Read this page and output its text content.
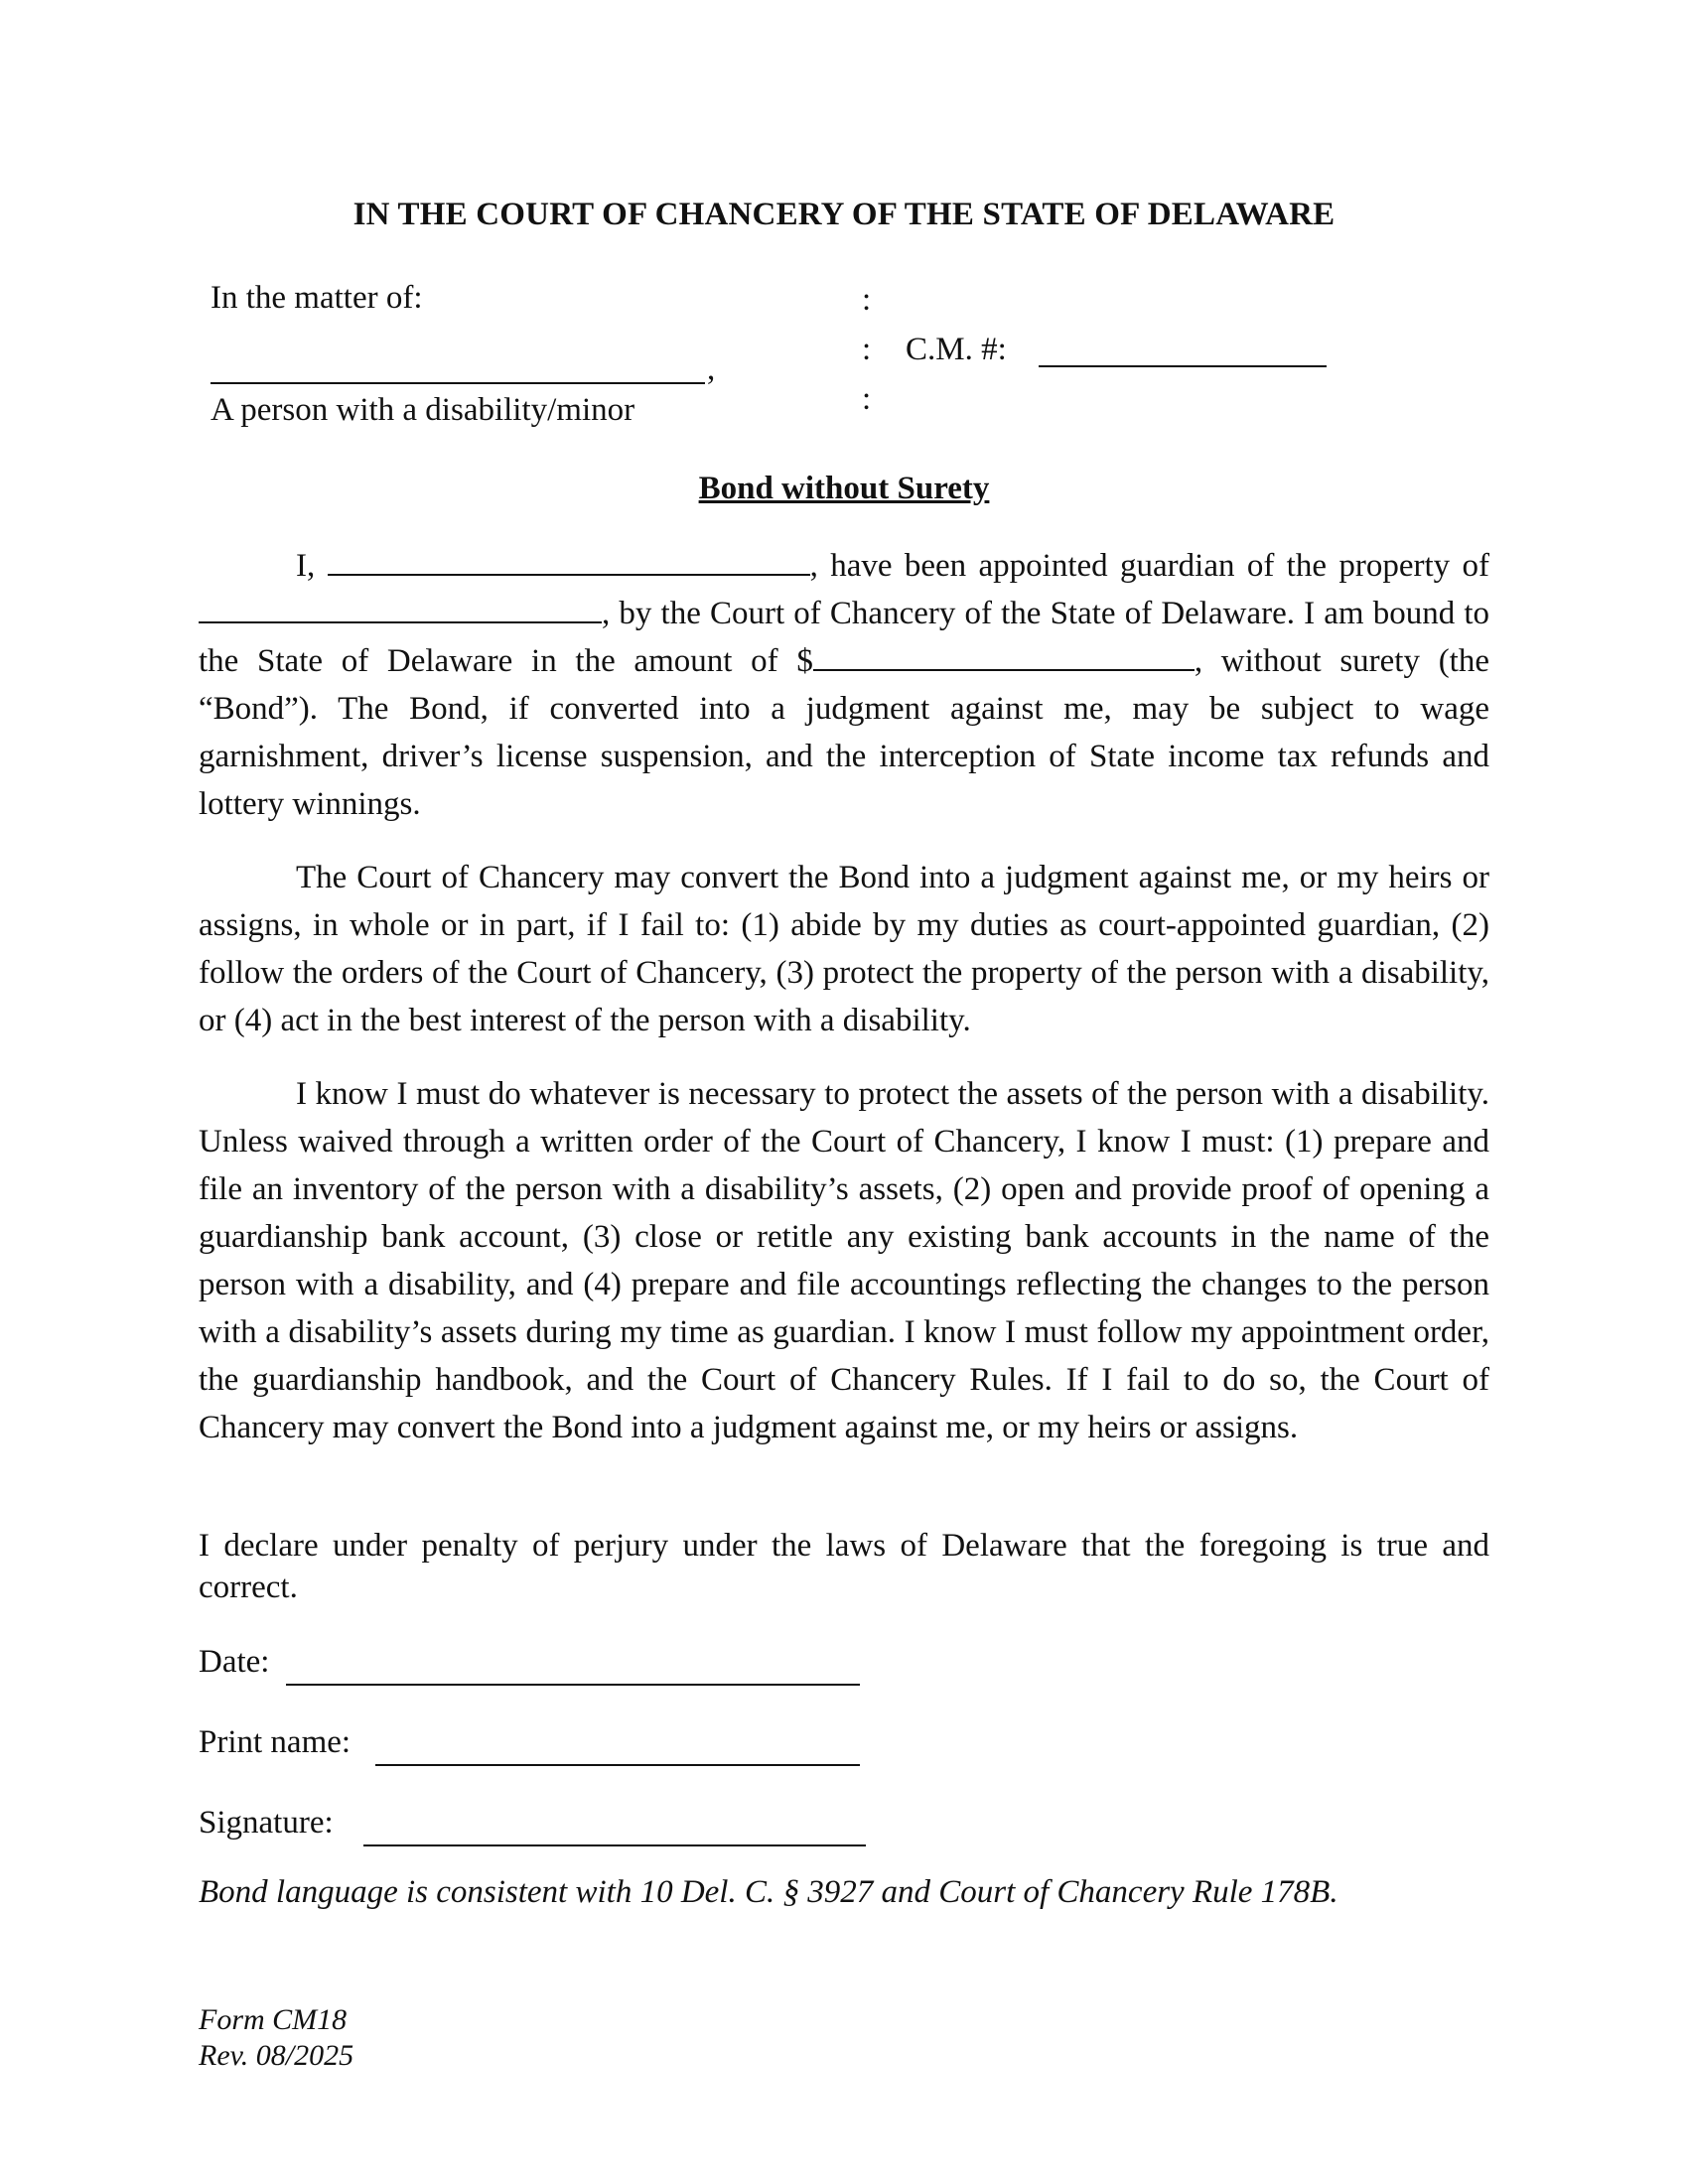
IN THE COURT OF CHANCERY OF THE STATE OF DELAWARE
In the matter of:
,
A person with a disability/minor
:
:
:
C.M. #:
Bond without Surety
I,	, have been appointed guardian of the property of , by the Court of Chancery of the State of Delaware. I am bound to the State of Delaware in the amount of $	, without surety (the “Bond”). The Bond, if converted into a judgment against me, may be subject to wage garnishment, driver’s license suspension, and the interception of State income tax refunds and lottery winnings.
The Court of Chancery may convert the Bond into a judgment against me, or my heirs or assigns, in whole or in part, if I fail to: (1) abide by my duties as court-appointed guardian, (2) follow the orders of the Court of Chancery, (3) protect the property of the person with a disability, or (4) act in the best interest of the person with a disability.
I know I must do whatever is necessary to protect the assets of the person with a disability. Unless waived through a written order of the Court of Chancery, I know I must: (1) prepare and file an inventory of the person with a disability’s assets, (2) open and provide proof of opening a guardianship bank account, (3) close or retitle any existing bank accounts in the name of the person with a disability, and (4) prepare and file accountings reflecting the changes to the person with a disability’s assets during my time as guardian. I know I must follow my appointment order, the guardianship handbook, and the Court of Chancery Rules. If I fail to do so, the Court of Chancery may convert the Bond into a judgment against me, or my heirs or assigns.
I declare under penalty of perjury under the laws of Delaware that the foregoing is true and correct.
Date:
Print name:
Signature:
Bond language is consistent with 10 Del. C. § 3927 and Court of Chancery Rule 178B.
Form CM18
Rev. 08/2025
